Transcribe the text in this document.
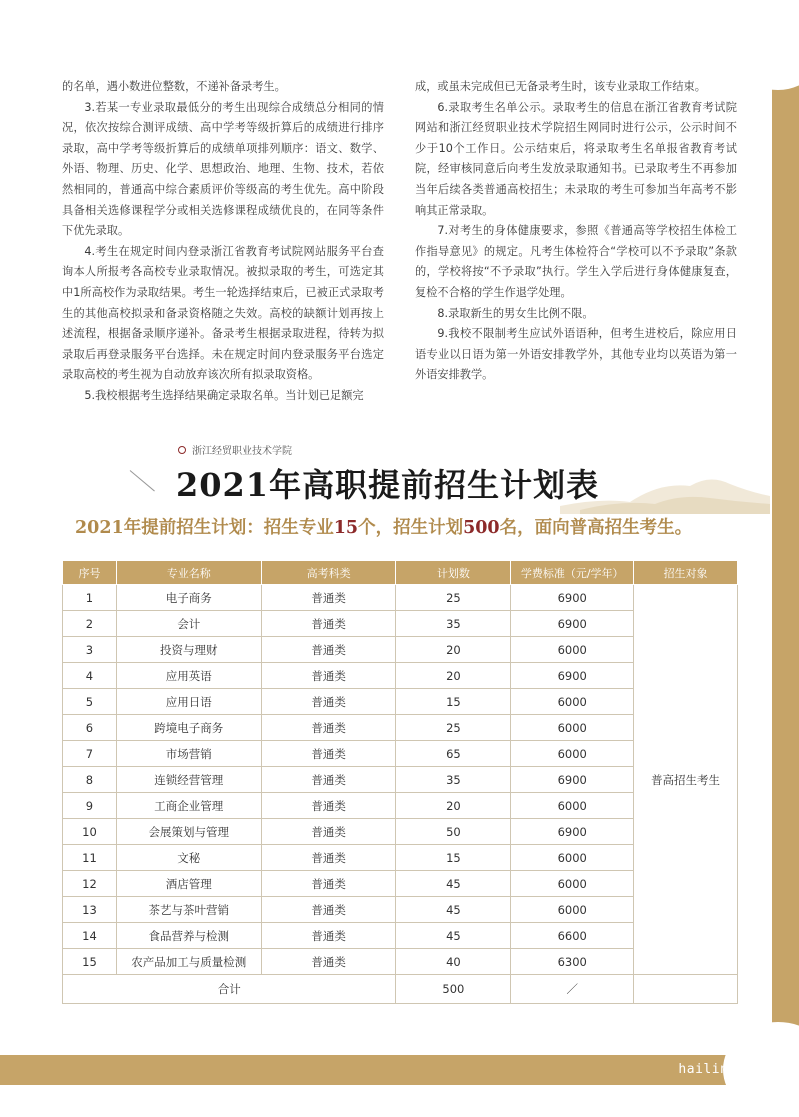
hailinghu4.com

的名单，遇小数进位整数，不递补备录考生。

3.若某一专业录取最低分的考生出现综合成绩总分相同的情况，依次按综合测评成绩、高中学考等级折算后的成绩进行排序录取，高中学考等级折算后的成绩单项排列顺序：语文、数学、外语、物理、历史、化学、思想政治、地理、生物、技术，若依然相同的，普通高中综合素质评价等级高的考生优先。高中阶段具备相关选修课程学分或相关选修课程成绩优良的，在同等条件下优先录取。

4.考生在规定时间内登录浙江省教育考试院网站服务平台查询本人所报考各高校专业录取情况。被拟录取的考生，可选定其中1所高校作为录取结果。考生一轮选择结束后，已被正式录取考生的其他高校拟录和备录资格随之失效。高校的缺额计划再按上述流程，根据备录顺序递补。备录考生根据录取进程，待转为拟录取后再登录服务平台选择。未在规定时间内登录服务平台选定录取高校的考生视为自动放弃该次所有拟录取资格。

5.我校根据考生选择结果确定录取名单。当计划已足额完

成，或虽未完成但已无备录考生时，该专业录取工作结束。

6.录取考生名单公示。录取考生的信息在浙江省教育考试院网站和浙江经贸职业技术学院招生网同时进行公示，公示时间不少于10个工作日。公示结束后，将录取考生名单报省教育考试院，经审核同意后向考生发放录取通知书。已录取考生不再参加当年后续各类普通高校招生；未录取的考生可参加当年高考不影响其正常录取。

7.对考生的身体健康要求，参照《普通高等学校招生体检工作指导意见》的规定。凡考生体检符合“学校可以不予录取”条款的，学校将按“不予录取”执行。学生入学后进行身体健康复查，复检不合格的学生作退学处理。

8.录取新生的男女生比例不限。

9.我校不限制考生应试外语语种，但考生进校后，除应用日语专业以日语为第一外语安排教学外，其他专业均以英语为第一外语安排教学。

浙江经贸职业技术学院
2021年高职提前招生计划表
2021年提前招生计划：招生专业15个，招生计划500名，面向普高招生考生。
序号	专业名称	高考科类	计划数	学费标准（元/学年）	招生对象
1	电子商务	普通类	25	6900	普高招生考生
2	会计	普通类	35	6900	
3	投资与理财	普通类	20	6000	
4	应用英语	普通类	20	6900	
5	应用日语	普通类	15	6000	
6	跨境电子商务	普通类	25	6000	
7	市场营销	普通类	65	6000	
8	连锁经营管理	普通类	35	6900	
9	工商企业管理	普通类	20	6000	
10	会展策划与管理	普通类	50	6900	
11	文秘	普通类	15	6000	
12	酒店管理	普通类	45	6000	
13	茶艺与茶叶营销	普通类	45	6000	
14	食品营养与检测	普通类	45	6600	
15	农产品加工与质量检测	普通类	40	6300	
合计			500	／	
